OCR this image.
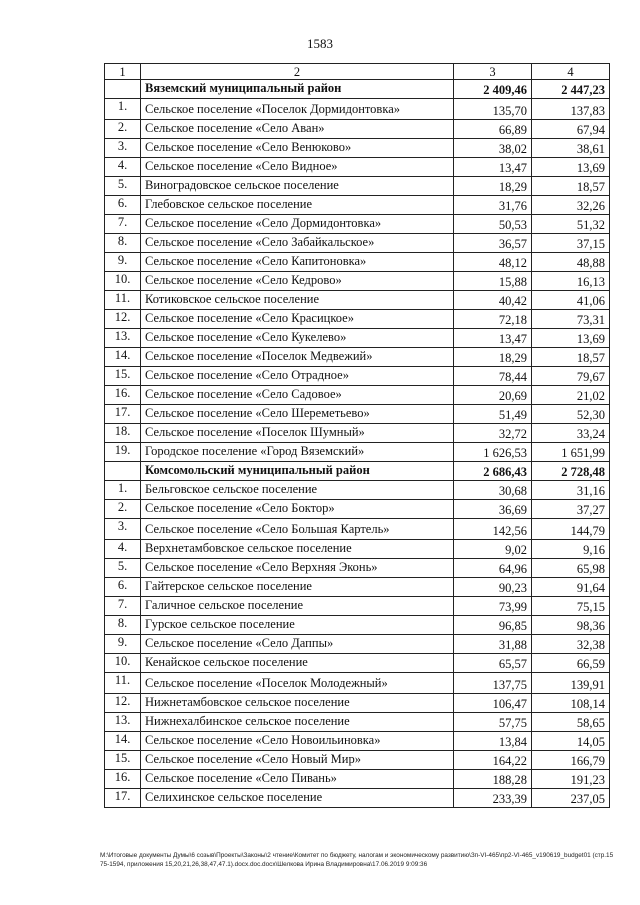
1583
1	2	3	4
	Вяземский муниципальный район	2 409,46	2 447,23
1.	Сельское поселение «Поселок Дормидонтовка»	135,70	137,83
2.	Сельское поселение «Село Аван»	66,89	67,94
3.	Сельское поселение «Село Венюково»	38,02	38,61
4.	Сельское поселение «Село Видное»	13,47	13,69
5.	Виноградовское сельское поселение	18,29	18,57
6.	Глебовское сельское поселение	31,76	32,26
7.	Сельское поселение «Село Дормидонтовка»	50,53	51,32
8.	Сельское поселение «Село Забайкальское»	36,57	37,15
9.	Сельское поселение «Село Капитоновка»	48,12	48,88
10.	Сельское поселение «Село Кедрово»	15,88	16,13
11.	Котиковское сельское поселение	40,42	41,06
12.	Сельское поселение «Село Красицкое»	72,18	73,31
13.	Сельское поселение «Село Кукелево»	13,47	13,69
14.	Сельское поселение «Поселок Медвежий»	18,29	18,57
15.	Сельское поселение «Село Отрадное»	78,44	79,67
16.	Сельское поселение «Село Садовое»	20,69	21,02
17.	Сельское поселение «Село Шереметьево»	51,49	52,30
18.	Сельское поселение «Поселок Шумный»	32,72	33,24
19.	Городское поселение «Город Вяземский»	1 626,53	1 651,99
	Комсомольский муниципальный район	2 686,43	2 728,48
1.	Бельговское сельское поселение	30,68	31,16
2.	Сельское поселение «Село Боктор»	36,69	37,27
3.	Сельское поселение «Село Большая Картель»	142,56	144,79
4.	Верхнетамбовское сельское поселение	9,02	9,16
5.	Сельское поселение «Село Верхняя Эконь»	64,96	65,98
6.	Гайтерское сельское поселение	90,23	91,64
7.	Галичное сельское поселение	73,99	75,15
8.	Гурское сельское поселение	96,85	98,36
9.	Сельское поселение «Село Даппы»	31,88	32,38
10.	Кенайское сельское поселение	65,57	66,59
11.	Сельское поселение «Поселок Молодежный»	137,75	139,91
12.	Нижнетамбовское сельское поселение	106,47	108,14
13.	Нижнехалбинское сельское поселение	57,75	58,65
14.	Сельское поселение «Село Новоильиновка»	13,84	14,05
15.	Сельское поселение «Село Новый Мир»	164,22	166,79
16.	Сельское поселение «Село Пивань»	188,28	191,23
17.	Селихинское сельское поселение	233,39	237,05
M:\Итоговые документы Думы\6 созыв\Проекты\Законы\2 чтение\Комитет по бюджету, налогам и экономическому развитию\Зп-VI-465\пр2-VI-465_v190619_budget01 (стр.1575-1594, приложения 15,20,21,26,38,47,47.1).docx.doc.docx\Шелкова Ирина Владимировна\17.06.2019 9:09:36
